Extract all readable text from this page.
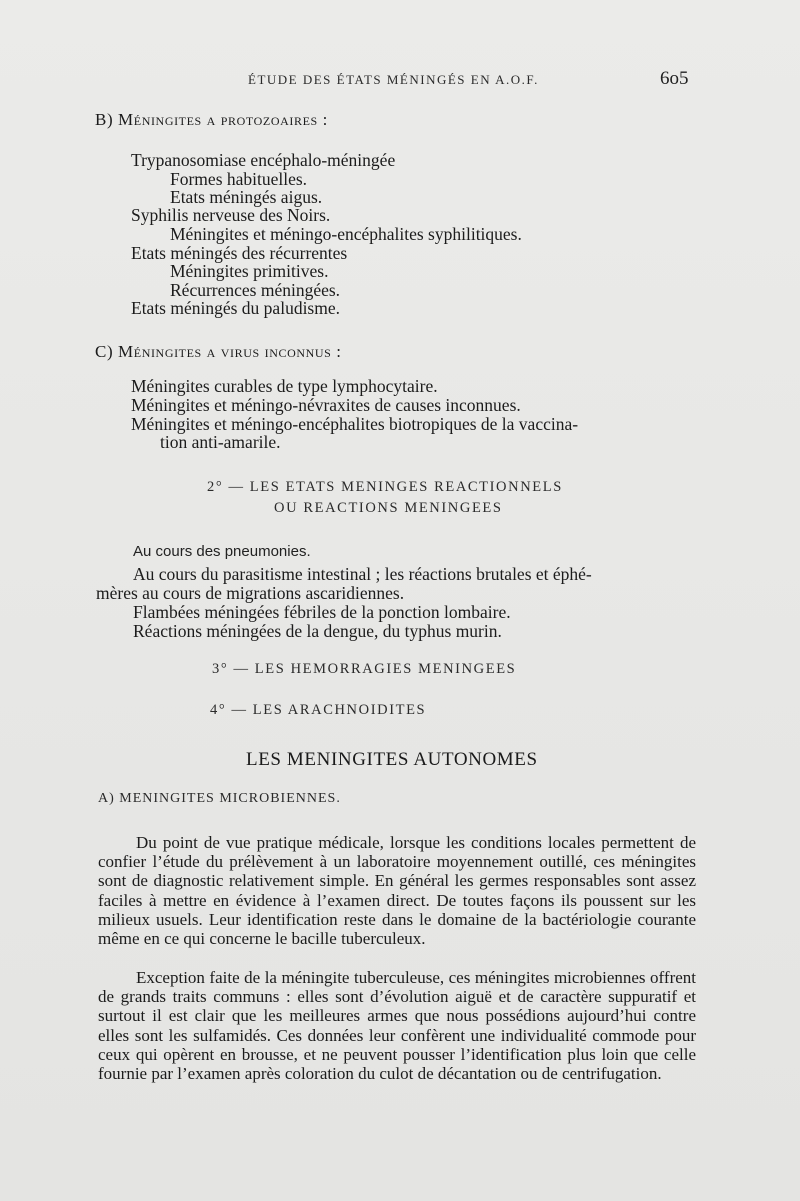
ÉTUDE DES ÉTATS MÉNINGÉS EN A.O.F.	6o5
B) Méningites a protozoaires :
Trypanosomiase encéphalo-méningée
Formes habituelles.
Etats méningés aigus.
Syphilis nerveuse des Noirs.
Méningites et méningo-encéphalites syphilitiques.
Etats méningés des récurrentes
Méningites primitives.
Récurrences méningées.
Etats méningés du paludisme.
C) Méningites a virus inconnus :
Méningites curables de type lymphocytaire.
Méningites et méningo-névraxites de causes inconnues.
Méningites et méningo-encéphalites biotropiques de la vaccina-
tion anti-amarile.
2° — LES ETATS MENINGES REACTIONNELS
OU REACTIONS MENINGEES
Au cours des pneumonies.
Au cours du parasitisme intestinal ; les réactions brutales et éphé-
mères au cours de migrations ascaridiennes.
Flambées méningées fébriles de la ponction lombaire.
Réactions méningées de la dengue, du typhus murin.
3° — LES HEMORRAGIES MENINGEES
4° — LES ARACHNOIDITES
LES MENINGITES AUTONOMES
A) MENINGITES MICROBIENNES.

Du point de vue pratique médicale, lorsque les conditions locales permettent de confier l’étude du prélèvement à un laboratoire moyennement outillé, ces méningites sont de diagnostic relativement simple. En général les germes responsables sont assez faciles à mettre en évidence à l’examen direct. De toutes façons ils poussent sur les milieux usuels. Leur identification reste dans le domaine de la bactériologie courante même en ce qui concerne le bacille tuberculeux.

Exception faite de la méningite tuberculeuse, ces méningites microbiennes offrent de grands traits communs : elles sont d’évolution aiguë et de caractère suppuratif et surtout il est clair que les meilleures armes que nous possédions aujourd’hui contre elles sont les sulfamidés. Ces données leur confèrent une individualité commode pour ceux qui opèrent en brousse, et ne peuvent pousser l’identification plus loin que celle fournie par l’examen après coloration du culot de décantation ou de centrifugation.
